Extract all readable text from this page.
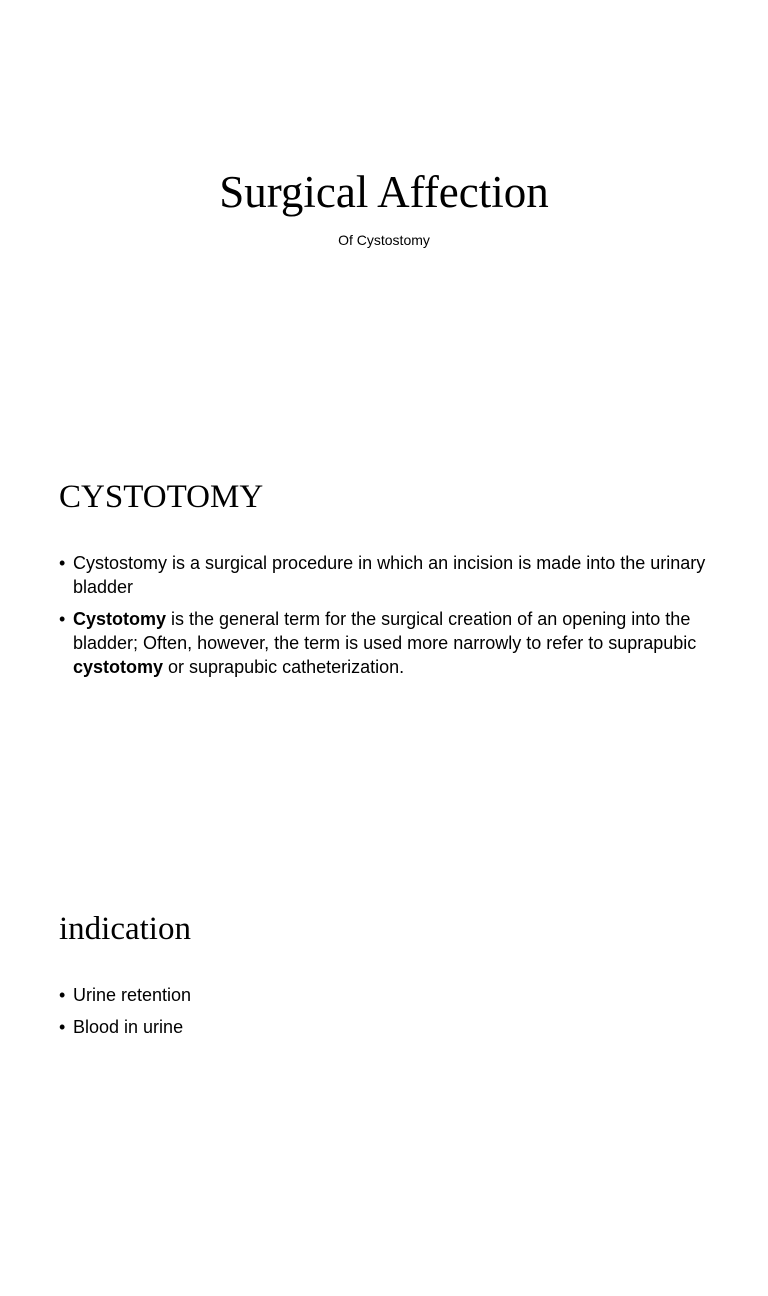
Surgical Affection

Of Cystostomy

CYSTOTOMY
• Cystostomy is a surgical procedure in which an incision is made into the urinary bladder
• Cystotomy is the general term for the surgical creation of an opening into the bladder; Often, however, the term is used more narrowly to refer to suprapubic cystotomy or suprapubic catheterization.
indication
• Urine retention
• Blood in urine
